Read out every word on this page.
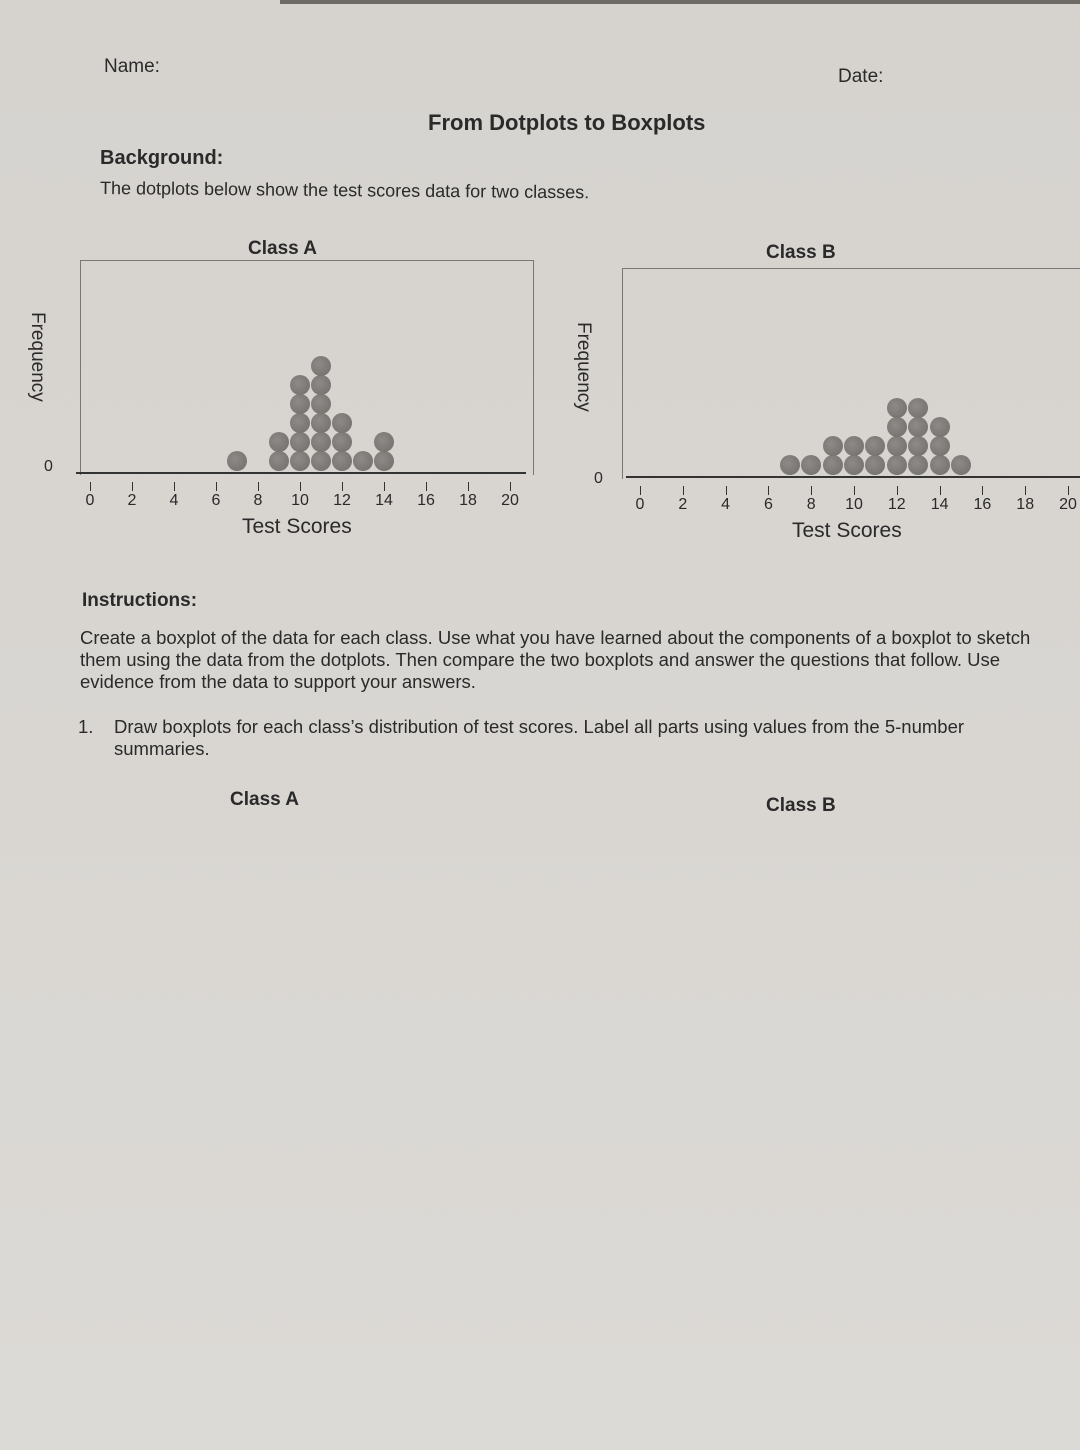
Name:	Date:
From Dotplots to Boxplots
Background:
The dotplots below show the test scores data for two classes.
Class A
Frequency
0
0 2 4 6 8 10 12 14 16 18 20
Test Scores
Class B
Frequency
0
0 2 4 6 8 10 12 14 16 18 20
Test Scores
Instructions:
Create a boxplot of the data for each class. Use what you have learned about the components of a boxplot to sketch them using the data from the dotplots. Then compare the two boxplots and answer the questions that follow. Use evidence from the data to support your answers.
1. Draw boxplots for each class’s distribution of test scores. Label all parts using values from the 5-number summaries.
Class A	Class B
